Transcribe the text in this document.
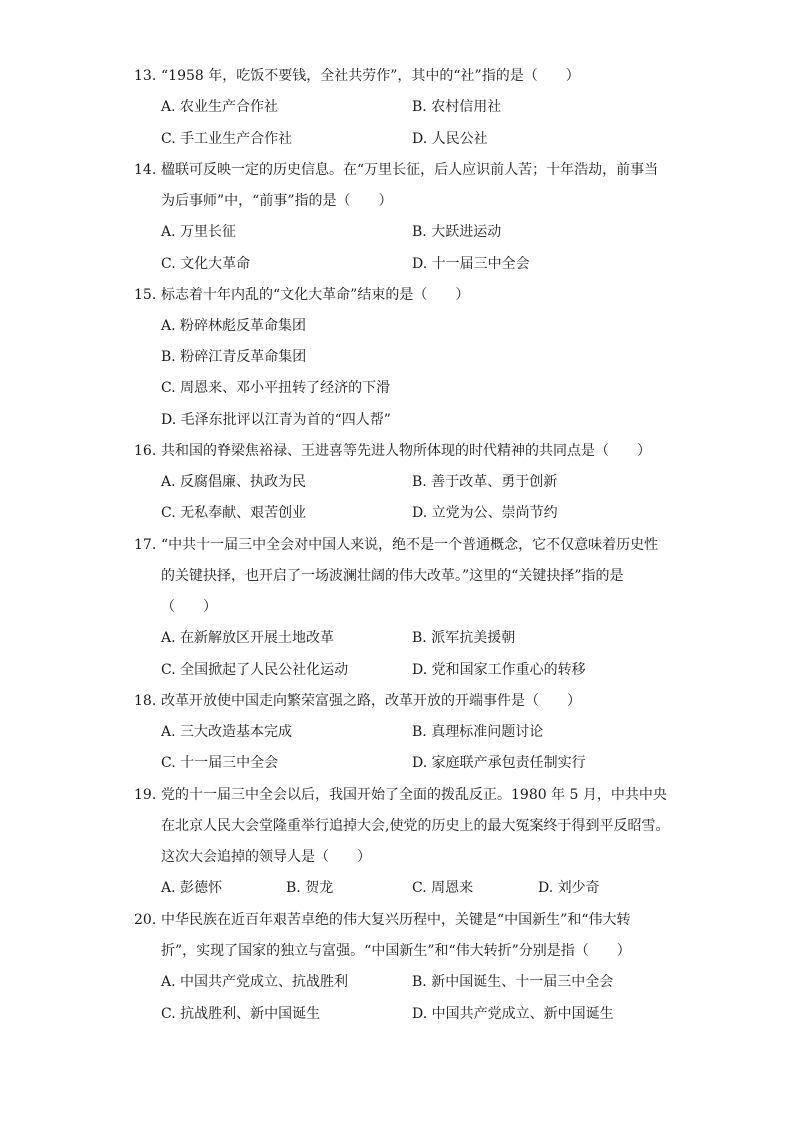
13. “1958 年，吃饭不要钱，全社共劳作”，其中的“社”指的是（　　）
A. 农业生产合作社	B. 农村信用社
C. 手工业生产合作社	D. 人民公社
14. 楹联可反映一定的历史信息。在“万里长征，后人应识前人苦；十年浩劫，前事当
为后事师”中，“前事”指的是（　　）
A. 万里长征	B. 大跃进运动
C. 文化大革命	D. 十一届三中全会
15. 标志着十年内乱的“文化大革命”结束的是（　　）
A. 粉碎林彪反革命集团
B. 粉碎江青反革命集团
C. 周恩来、邓小平扭转了经济的下滑
D. 毛泽东批评以江青为首的“四人帮”
16. 共和国的脊梁焦裕禄、王进喜等先进人物所体现的时代精神的共同点是（　　）
A. 反腐倡廉、执政为民	B. 善于改革、勇于创新
C. 无私奉献、艰苦创业	D. 立党为公、崇尚节约
17. “中共十一届三中全会对中国人来说，绝不是一个普通概念，它不仅意味着历史性
的关键抉择，也开启了一场波澜壮阔的伟大改革。”这里的“关键抉择”指的是
（　　）
A. 在新解放区开展土地改革	B. 派军抗美援朝
C. 全国掀起了人民公社化运动	D. 党和国家工作重心的转移
18. 改革开放使中国走向繁荣富强之路，改革开放的开端事件是（　　）
A. 三大改造基本完成	B. 真理标准问题讨论
C. 十一届三中全会	D. 家庭联产承包责任制实行
19. 党的十一届三中全会以后，我国开始了全面的拨乱反正。1980 年 5 月，中共中央
在北京人民大会堂隆重举行追掉大会,使党的历史上的最大冤案终于得到平反昭雪。
这次大会追掉的领导人是（　　）
A. 彭德怀	B. 贺龙	C. 周恩来	D. 刘少奇
20. 中华民族在近百年艰苦卓绝的伟大复兴历程中，关键是“中国新生”和“伟大转
折”，实现了国家的独立与富强。“中国新生”和“伟大转折”分别是指（　　）
A. 中国共产党成立、抗战胜利	B. 新中国诞生、十一届三中全会
C. 抗战胜利、新中国诞生	D. 中国共产党成立、新中国诞生
